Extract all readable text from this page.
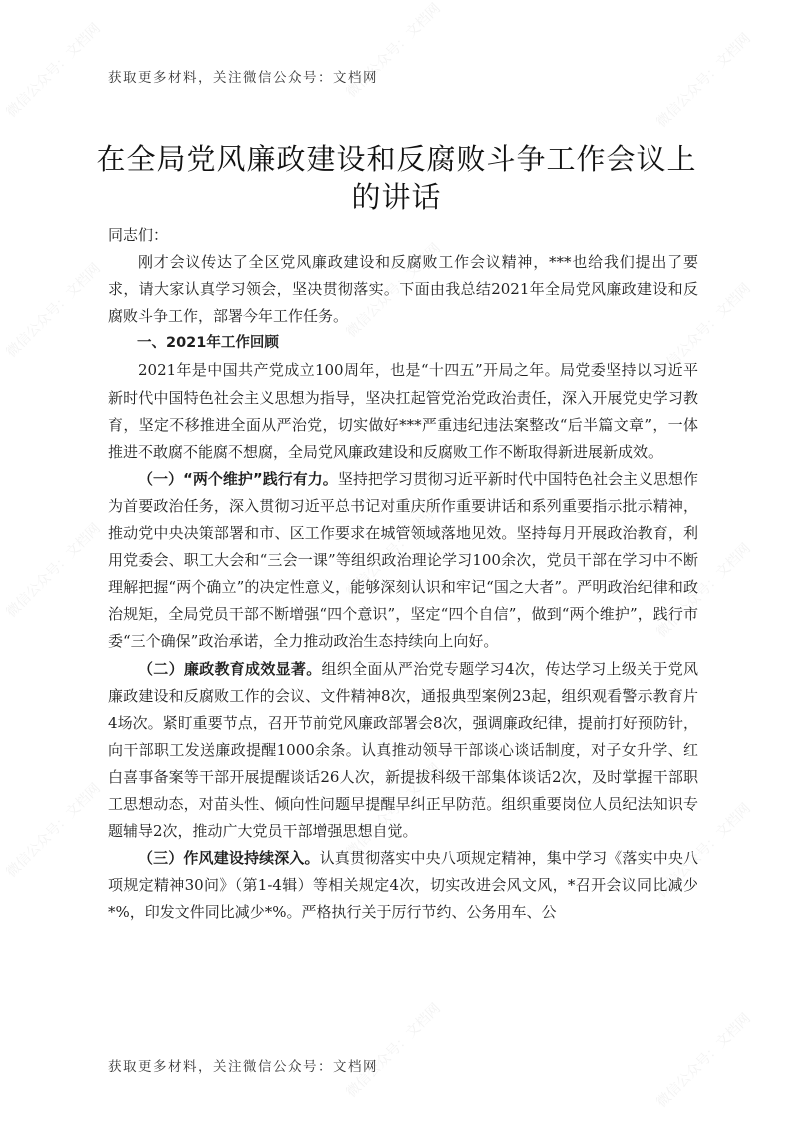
微信公众号：文档网	微信公众号：文档网	微信公众号：文档网
微信公众号：文档网	微信公众号：文档网	微信公众号：文档网
微信公众号：文档网	微信公众号：文档网	微信公众号：文档网
微信公众号：文档网	微信公众号：文档网	微信公众号：文档网
微信公众号：文档网	微信公众号：文档网
获取更多材料，关注微信公众号：文档网
在全局党风廉政建设和反腐败斗争工作会议上
的讲话

同志们：

刚才会议传达了全区党风廉政建设和反腐败工作会议精神，***也给我们提出了要求，请大家认真学习领会，坚决贯彻落实。下面由我总结2021年全局党风廉政建设和反腐败斗争工作，部署今年工作任务。

一、2021年工作回顾

2021年是中国共产党成立100周年，也是“十四五”开局之年。局党委坚持以习近平新时代中国特色社会主义思想为指导，坚决扛起管党治党政治责任，深入开展党史学习教育，坚定不移推进全面从严治党，切实做好***严重违纪违法案整改“后半篇文章”，一体推进不敢腐不能腐不想腐，全局党风廉政建设和反腐败工作不断取得新进展新成效。

（一）“两个维护”践行有力。坚持把学习贯彻习近平新时代中国特色社会主义思想作为首要政治任务，深入贯彻习近平总书记对重庆所作重要讲话和系列重要指示批示精神，推动党中央决策部署和市、区工作要求在城管领域落地见效。坚持每月开展政治教育，利用党委会、职工大会和“三会一课”等组织政治理论学习100余次，党员干部在学习中不断理解把握“两个确立”的决定性意义，能够深刻认识和牢记“国之大者”。严明政治纪律和政治规矩，全局党员干部不断增强“四个意识”，坚定“四个自信”，做到“两个维护”，践行市委“三个确保”政治承诺，全力推动政治生态持续向上向好。

（二）廉政教育成效显著。组织全面从严治党专题学习4次，传达学习上级关于党风廉政建设和反腐败工作的会议、文件精神8次，通报典型案例23起，组织观看警示教育片4场次。紧盯重要节点，召开节前党风廉政部署会8次，强调廉政纪律，提前打好预防针，向干部职工发送廉政提醒1000余条。认真推动领导干部谈心谈话制度，对子女升学、红白喜事备案等干部开展提醒谈话26人次，新提拔科级干部集体谈话2次，及时掌握干部职工思想动态，对苗头性、倾向性问题早提醒早纠正早防范。组织重要岗位人员纪法知识专题辅导2次，推动广大党员干部增强思想自觉。

（三）作风建设持续深入。认真贯彻落实中央八项规定精神，集中学习《落实中央八项规定精神30问》（第1-4辑）等相关规定4次，切实改进会风文风，*召开会议同比减少*%，印发文件同比减少*%。严格执行关于厉行节约、公务用车、公

获取更多材料，关注微信公众号：文档网
